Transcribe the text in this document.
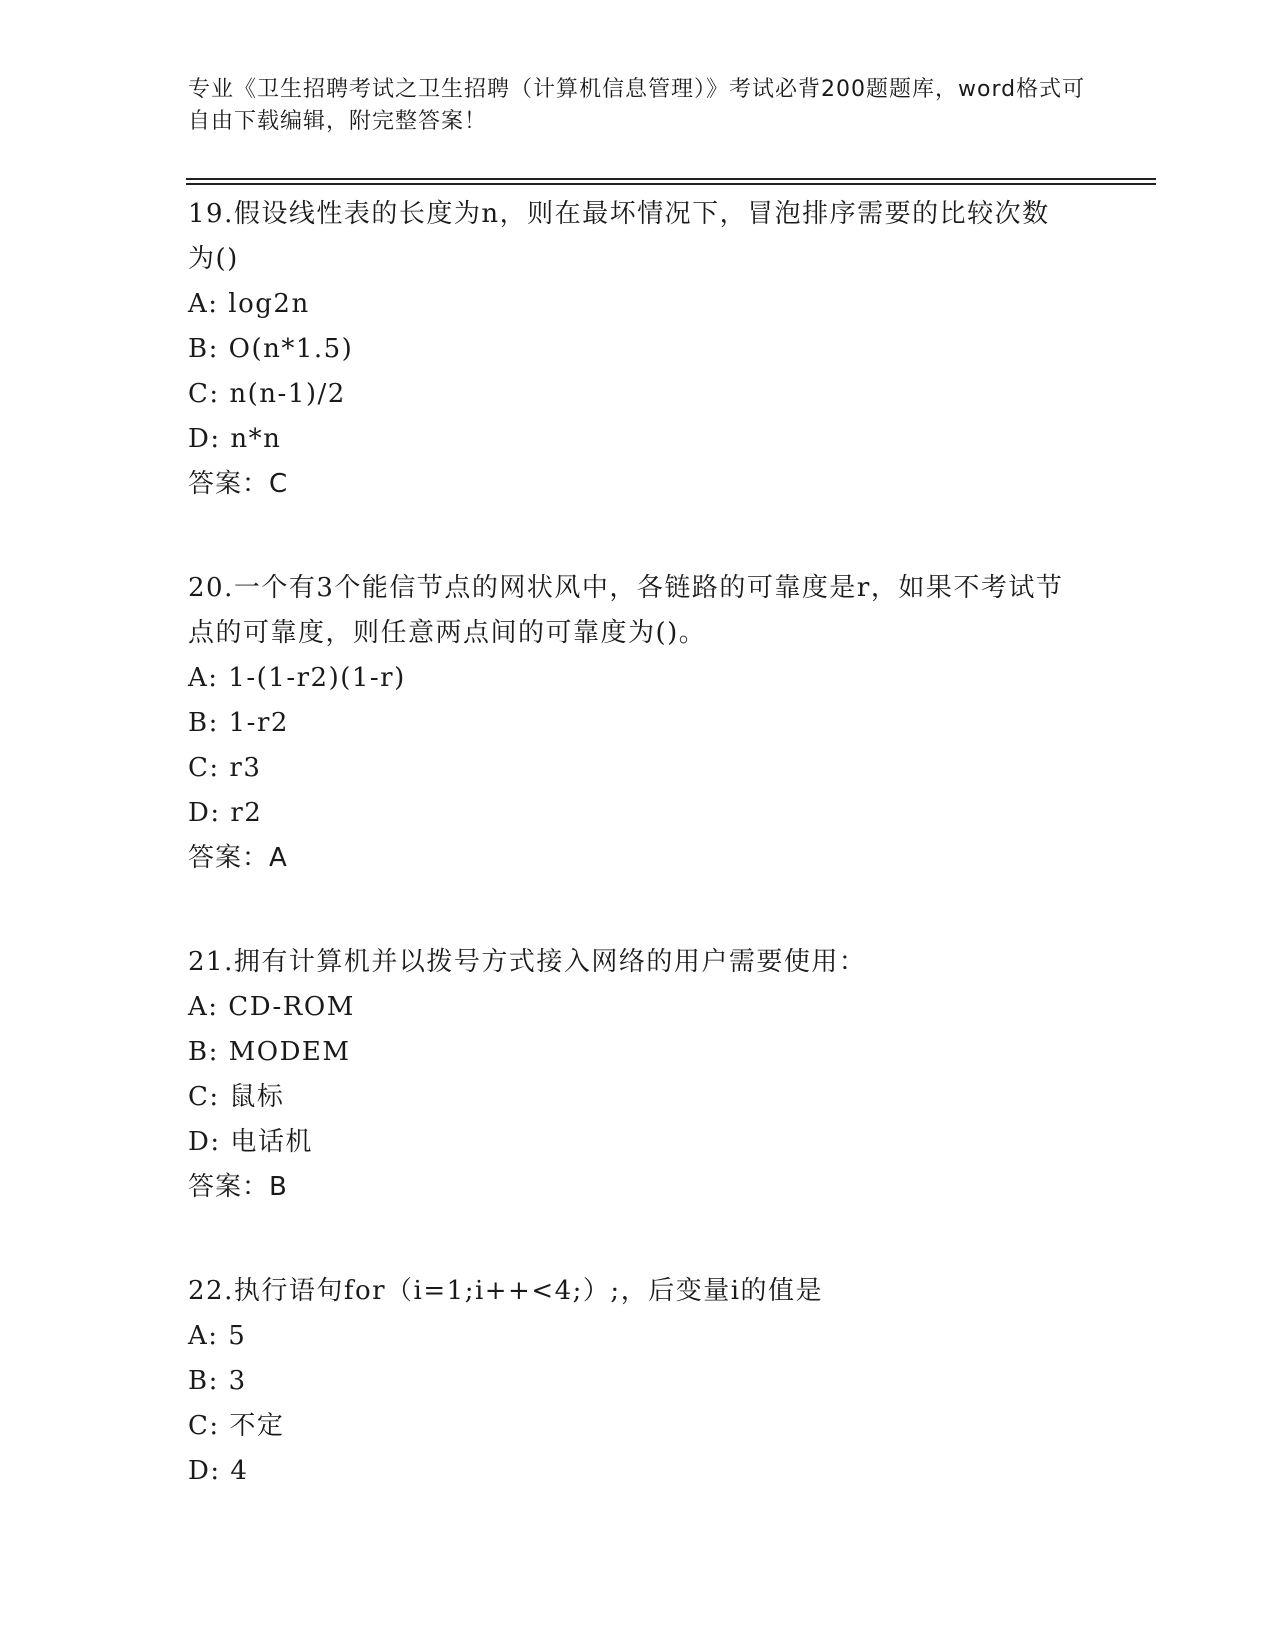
专业《卫生招聘考试之卫生招聘（计算机信息管理）》考试必背200题题库，word格式可自由下载编辑，附完整答案！
19.假设线性表的长度为n，则在最坏情况下，冒泡排序需要的比较次数为()
A: log2n
B: O(n*1.5)
C: n(n-1)/2
D: n*n
答案：C
20.一个有3个能信节点的网状风中，各链路的可靠度是r，如果不考试节点的可靠度，则任意两点间的可靠度为()。
A: 1-(1-r2)(1-r)
B: 1-r2
C: r3
D: r2
答案：A
21.拥有计算机并以拨号方式接入网络的用户需要使用：
A: CD-ROM
B: MODEM
C: 鼠标
D: 电话机
答案：B
22.执行语句for（i=1;i++<4;）;，后变量i的值是
A: 5
B: 3
C: 不定
D: 4
